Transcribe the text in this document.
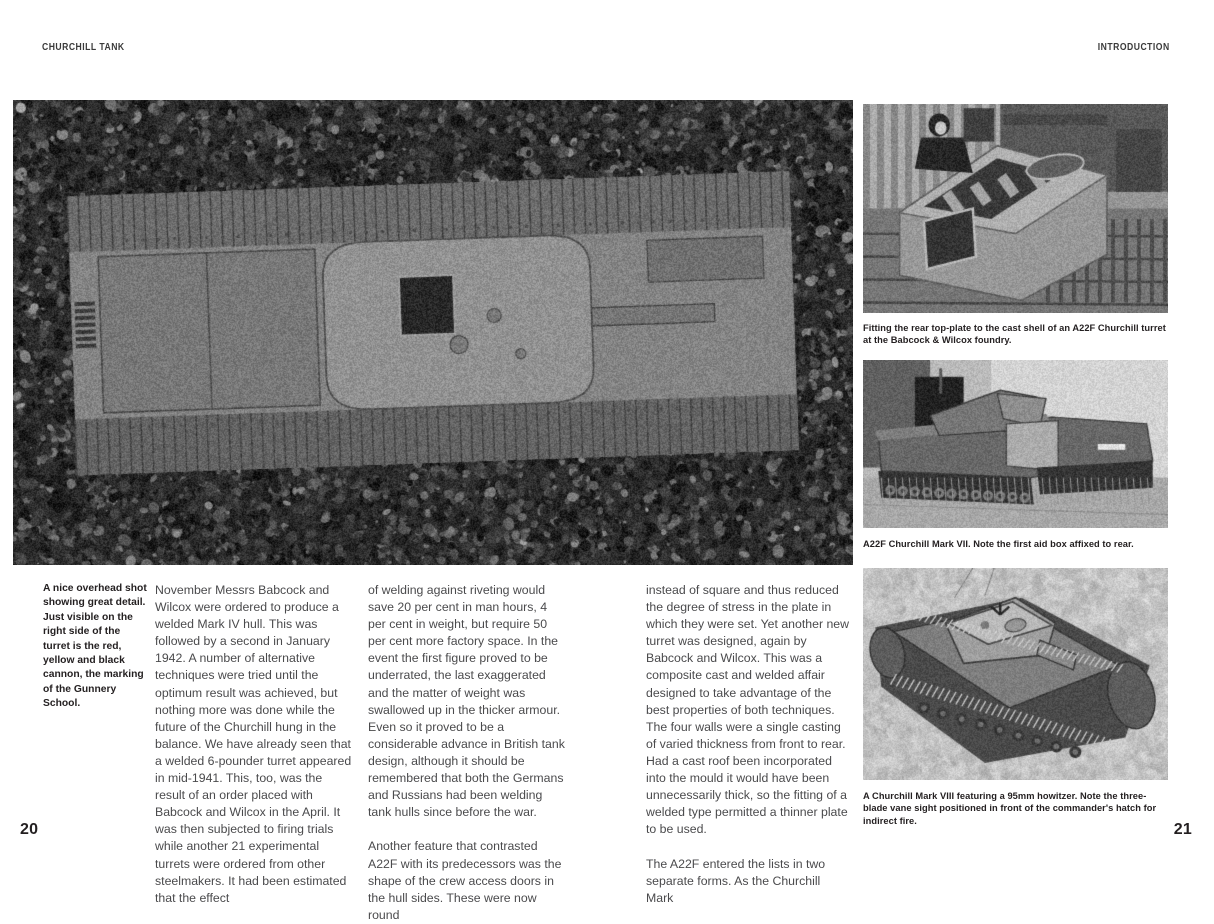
CHURCHILL TANK	INTRODUCTION
Fitting the rear top-plate to the cast shell of an A22F Churchill turret at the Babcock & Wilcox foundry.
A22F Churchill Mark VII. Note the first aid box affixed to rear.
A Churchill Mark VIII featuring a 95mm howitzer. Note the three-blade vane sight positioned in front of the commander's hatch for indirect fire.
A nice overhead shot showing great detail. Just visible on the right side of the turret is the red, yellow and black cannon, the marking of the Gunnery School.

November Messrs Babcock and Wilcox were ordered to produce a welded Mark IV hull. This was followed by a second in January 1942. A number of alternative techniques were tried until the optimum result was achieved, but nothing more was done while the future of the Churchill hung in the balance. We have already seen that a welded 6-pounder turret appeared in mid-1941. This, too, was the result of an order placed with Babcock and Wilcox in the April. It was then subjected to firing trials while another 21 experimental turrets were ordered from other steelmakers. It had been estimated that the effect

of welding against riveting would save 20 per cent in man hours, 4 per cent in weight, but require 50 per cent more factory space. In the event the first figure proved to be underrated, the last exaggerated and the matter of weight was swallowed up in the thicker armour. Even so it proved to be a considerable advance in British tank design, although it should be remembered that both the Germans and Russians had been welding tank hulls since before the war.

Another feature that contrasted A22F with its predecessors was the shape of the crew access doors in the hull sides. These were now round

instead of square and thus reduced the degree of stress in the plate in which they were set. Yet another new turret was designed, again by Babcock and Wilcox. This was a composite cast and welded affair designed to take advantage of the best properties of both techniques. The four walls were a single casting of varied thickness from front to rear. Had a cast roof been incorporated into the mould it would have been unnecessarily thick, so the fitting of a welded type permitted a thinner plate to be used.

The A22F entered the lists in two separate forms. As the Churchill Mark

20	21
